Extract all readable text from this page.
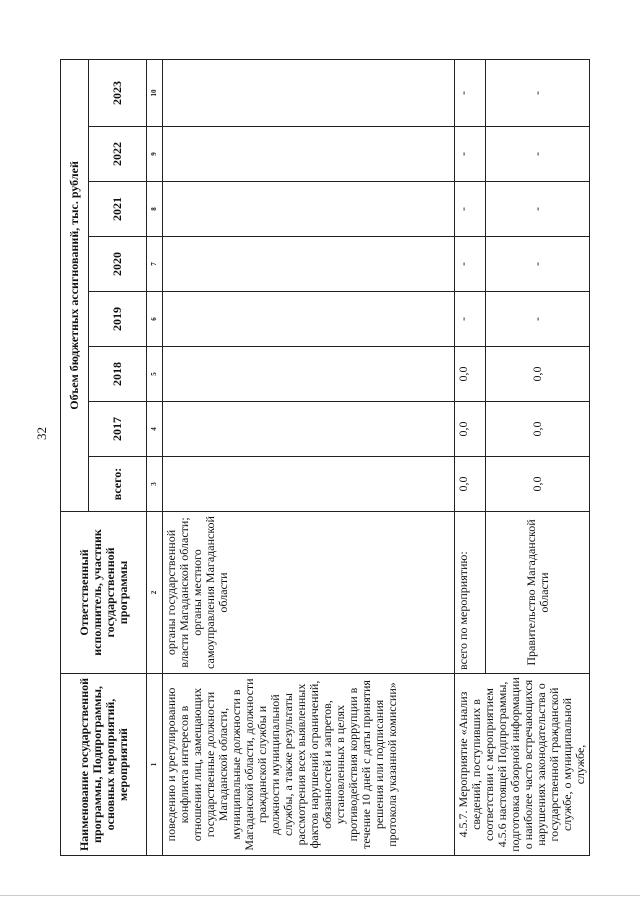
32
Наименование государственной программы, Подпрограммы, основных мероприятий, мероприятий	Ответственный исполнитель, участник государственной программы	Объем бюджетных ассигнований, тыс. рублей							
		всего:	2017	2018	2019	2020	2021	2022	2023
1	2	3	4	5	6	7	8	9	10
поведению и урегулированию конфликта интересов в отношении лиц, замещающих государственные должности Магаданской области, муниципальные должности в Магаданской области, должности гражданской службы и должности муниципальной службы, а также результаты рассмотрения всех выявленных фактов нарушений ограничений, обязанностей и запретов, установленных в целях противодействия коррупции в течение 10 дней с даты принятия решения или подписания протокола указанной комиссии»	органы государственной власти Магаданской области; органы местного самоуправления Магаданской области								
4.5.7. Мероприятие «Анализ сведений, поступивших в соответствии с мероприятием 4.5.6 настоящей Подпрограммы, подготовка обзорной информации о наиболее часто встречающихся нарушениях законодательства о государственной гражданской службе, о муниципальной службе,	всего по мероприятию:	0,0	0,0	0,0	-	-	-	-	-
	Правительство Магаданской области	0,0	0,0	0,0	-	-	-	-	-
